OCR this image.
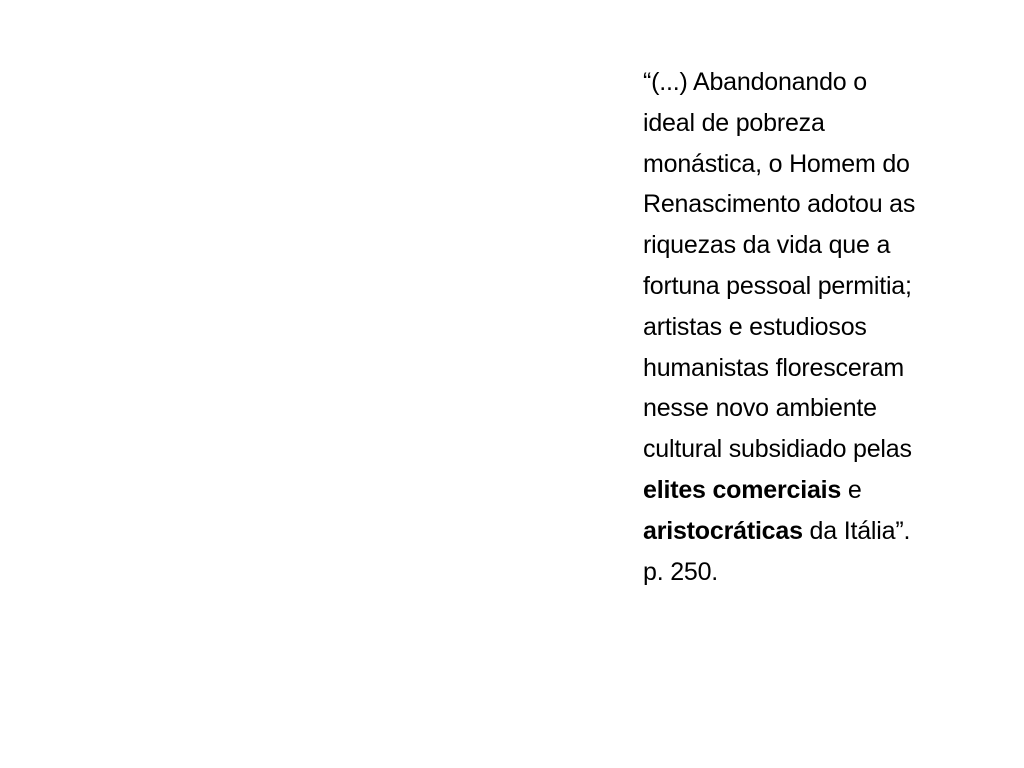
“(...) Abandonando o
ideal de pobreza
monástica, o Homem do
Renascimento adotou as
riquezas da vida que a
fortuna pessoal permitia;
artistas e estudiosos
humanistas floresceram
nesse novo ambiente
cultural subsidiado pelas
elites comerciais e
aristocráticas da Itália”.
p. 250.
